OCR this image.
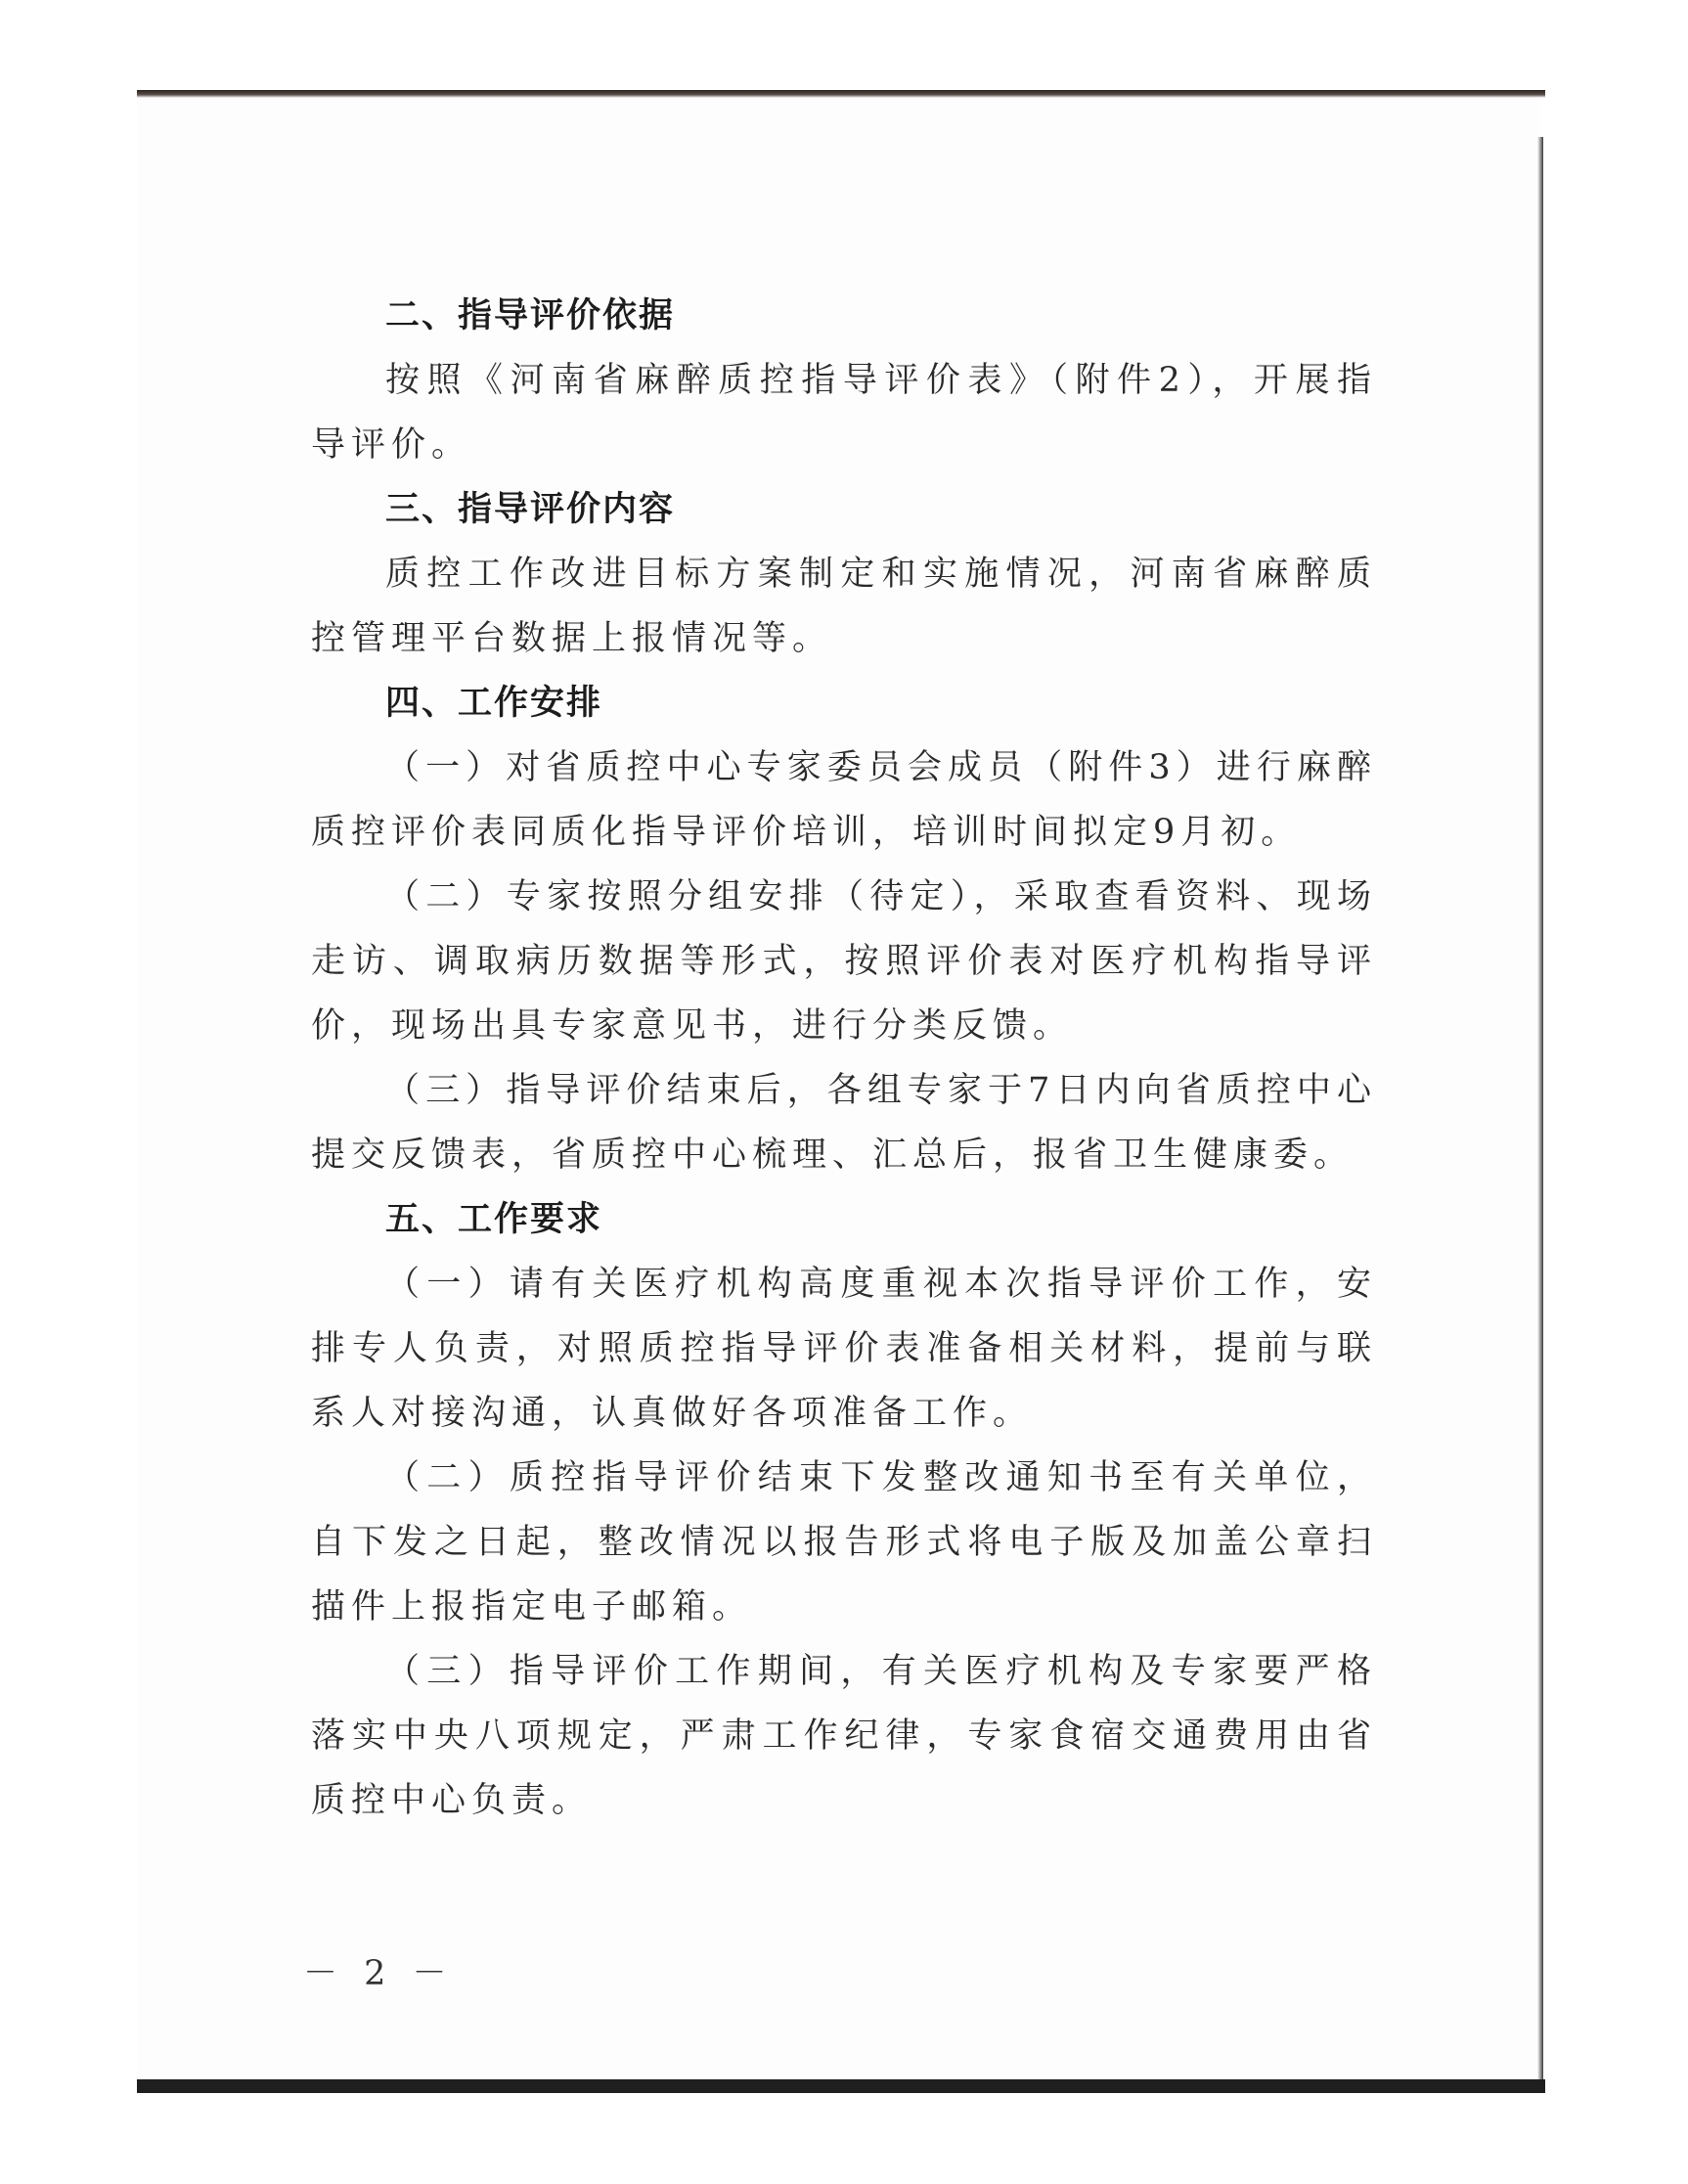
二、指导评价依据

按照《河南省麻醉质控指导评价表》（附件2），开展指导评价。

三、指导评价内容

质控工作改进目标方案制定和实施情况，河南省麻醉质控管理平台数据上报情况等。

四、工作安排

（一）对省质控中心专家委员会成员（附件3）进行麻醉质控评价表同质化指导评价培训，培训时间拟定9月初。

（二）专家按照分组安排（待定），采取查看资料、现场走访、调取病历数据等形式，按照评价表对医疗机构指导评价，现场出具专家意见书，进行分类反馈。

（三）指导评价结束后，各组专家于7日内向省质控中心提交反馈表，省质控中心梳理、汇总后，报省卫生健康委。

五、工作要求

（一）请有关医疗机构高度重视本次指导评价工作，安排专人负责，对照质控指导评价表准备相关材料，提前与联系人对接沟通，认真做好各项准备工作。

（二）质控指导评价结束下发整改通知书至有关单位，自下发之日起，整改情况以报告形式将电子版及加盖公章扫描件上报指定电子邮箱。

（三）指导评价工作期间，有关医疗机构及专家要严格落实中央八项规定，严肃工作纪律，专家食宿交通费用由省质控中心负责。

－ 2 －
